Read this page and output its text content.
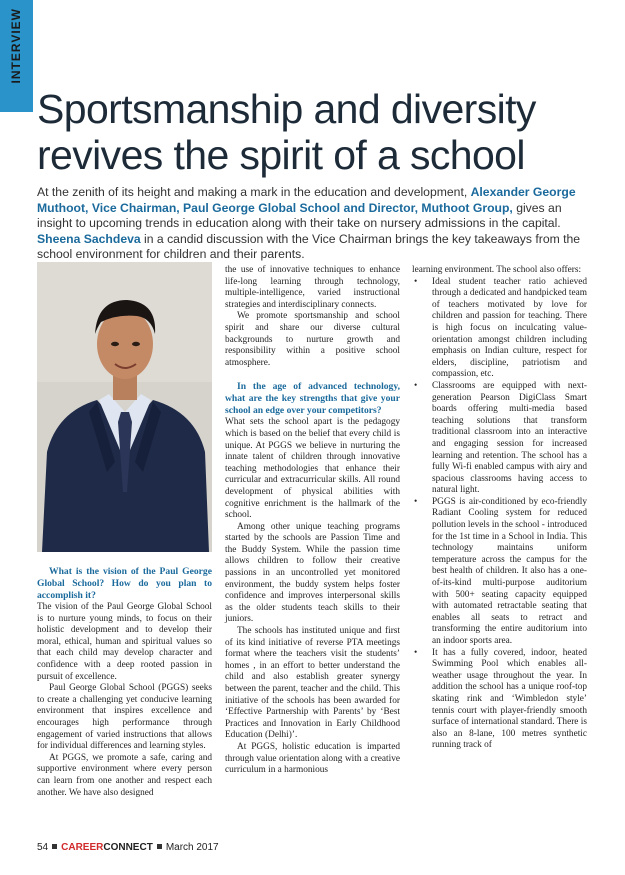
INTERVIEW
Sportsmanship and diversity revives the spirit of a school

At the zenith of its height and making a mark in the education and development, Alexander George Muthoot, Vice Chairman, Paul George Global School and Director, Muthoot Group, gives an insight to upcoming trends in education along with their take on nursery admissions in the capital. Sheena Sachdeva in a candid discussion with the Vice Chairman brings the key takeaways from the school environment for children and their parents.

What is the vision of the Paul George Global School? How do you plan to accomplish it?

The vision of the Paul George Global School is to nurture young minds, to focus on their holistic development and to develop their moral, ethical, human and spiritual values so that each child may develop character and confidence with a deep rooted passion in pursuit of excellence.

Paul George Global School (PGGS) seeks to create a challenging yet conducive learning environment that inspires excellence and encourages high performance through engagement of varied instructions that allows for individual differences and learning styles.

At PGGS, we promote a safe, caring and supportive environment where every person can learn from one another and respect each another. We have also designed

the use of innovative techniques to enhance life-long learning through technology, multiple-intelligence, varied instructional strategies and interdisciplinary connects.

We promote sportsmanship and school spirit and share our diverse cultural backgrounds to nurture growth and responsibility within a positive school atmosphere.

In the age of advanced technology, what are the key strengths that give your school an edge over your competitors?

What sets the school apart is the pedagogy which is based on the belief that every child is unique. At PGGS we believe in nurturing the innate talent of children through innovative teaching methodologies that enhance their curricular and extracurricular skills. All round development of physical abilities with cognitive enrichment is the hallmark of the school.

Among other unique teaching programs started by the schools are Passion Time and the Buddy System. While the passion time allows children to follow their creative passions in an uncontrolled yet monitored environment, the buddy system helps foster confidence and improves interpersonal skills as the older students teach skills to their juniors.

The schools has instituted unique and first of its kind initiative of reverse PTA meetings format where the teachers visit the students’ homes , in an effort to better understand the child and also establish greater synergy between the parent, teacher and the child. This initiative of the schools has been awarded for ‘Effective Partnership with Parents’ by ‘Best Practices and Innovation in Early Childhood Education (Delhi)’.

At PGGS, holistic education is imparted through value orientation along with a creative curriculum in a harmonious

learning environment. The school also offers:

• Ideal student teacher ratio achieved through a dedicated and handpicked team of teachers motivated by love for children and passion for teaching. There is high focus on inculcating value-orientation amongst children including emphasis on Indian culture, respect for elders, discipline, patriotism and compassion, etc.
• Classrooms are equipped with next-generation Pearson DigiClass Smart boards offering multi-media based teaching solutions that transform traditional classroom into an interactive and engaging session for increased learning and retention. The school has a fully Wi-fi enabled campus with airy and spacious classrooms having access to natural light.
• PGGS is air-conditioned by eco-friendly Radiant Cooling system for reduced pollution levels in the school - introduced for the 1st time in a School in India. This technology maintains uniform temperature across the campus for the best health of children. It also has a one-of-its-kind multi-purpose auditorium with 500+ seating capacity equipped with automated retractable seating that enables all seats to retract and transforming the entire auditorium into an indoor sports area.
• It has a fully covered, indoor, heated Swimming Pool which enables all-weather usage throughout the year. In addition the school has a unique roof-top skating rink and ‘Wimbledon style’ tennis court with player-friendly smooth surface of international standard. There is also an 8-lane, 100 metres synthetic running track of
54 CAREERCONNECT March 2017
